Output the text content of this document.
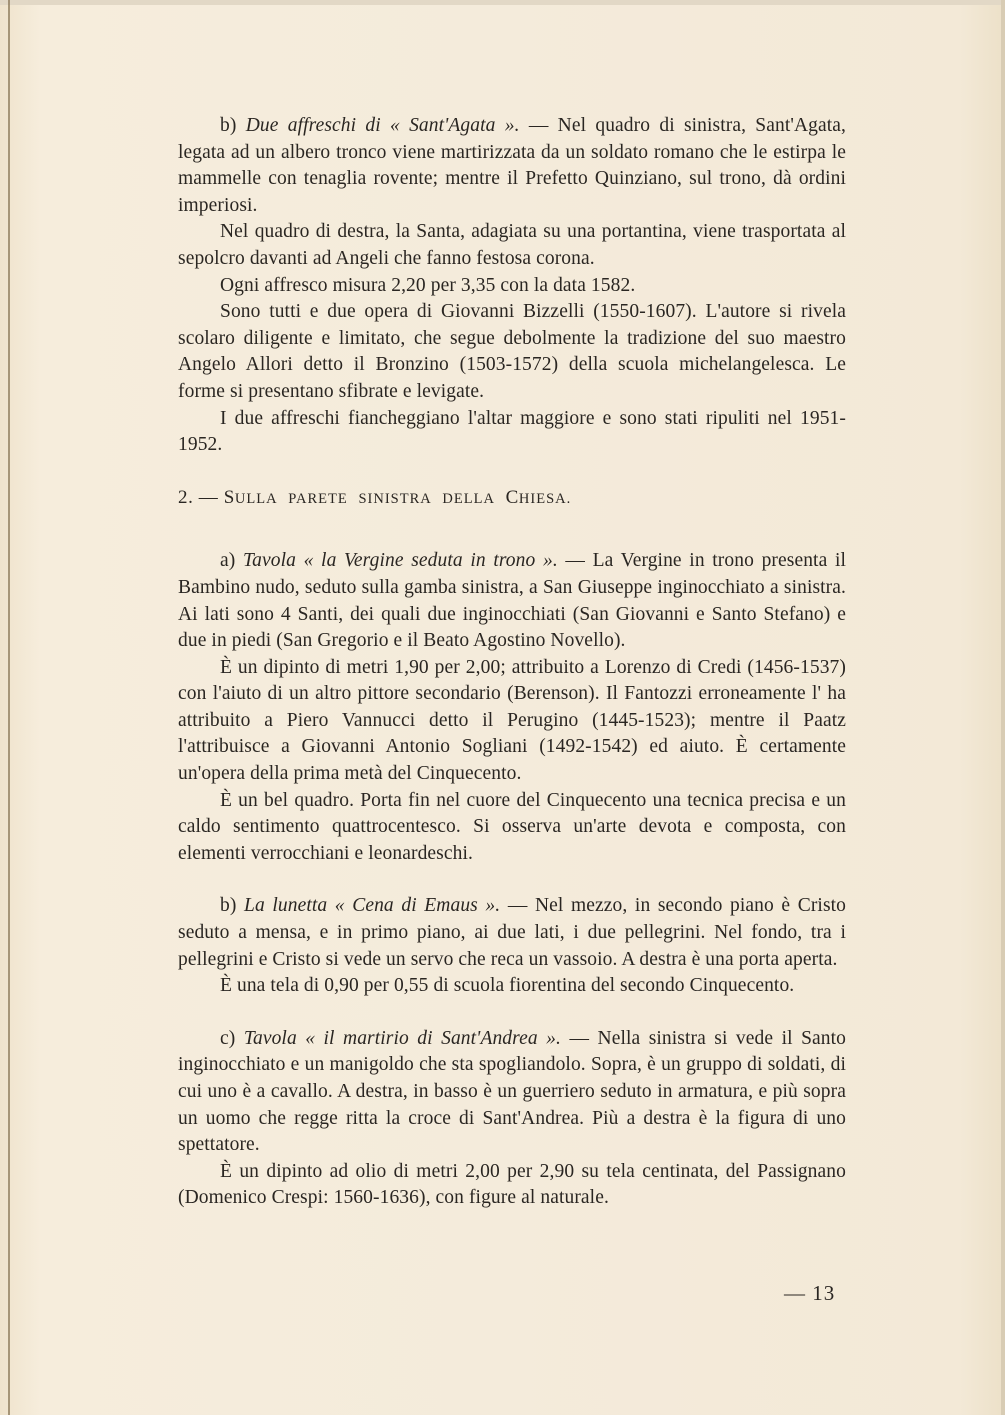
b) Due affreschi di « Sant'Agata ». — Nel quadro di sinistra, Sant'Agata, legata ad un albero tronco viene martirizzata da un soldato romano che le estirpa le mammelle con tenaglia rovente; mentre il Prefetto Quinziano, sul trono, dà ordini imperiosi.

Nel quadro di destra, la Santa, adagiata su una portantina, viene trasportata al sepolcro davanti ad Angeli che fanno festosa corona.

Ogni affresco misura 2,20 per 3,35 con la data 1582.

Sono tutti e due opera di Giovanni Bizzelli (1550-1607). L'autore si rivela scolaro diligente e limitato, che segue debolmente la tradizione del suo maestro Angelo Allori detto il Bronzino (1503-1572) della scuola michelangelesca. Le forme si presentano sfibrate e levigate.

I due affreschi fiancheggiano l'altar maggiore e sono stati ripuliti nel 1951-1952.

2. — SULLA PARETE SINISTRA DELLA CHIESA.

a) Tavola « la Vergine seduta in trono ». — La Vergine in trono presenta il Bambino nudo, seduto sulla gamba sinistra, a San Giuseppe inginocchiato a sinistra. Ai lati sono 4 Santi, dei quali due inginocchiati (San Giovanni e Santo Stefano) e due in piedi (San Gregorio e il Beato Agostino Novello).

È un dipinto di metri 1,90 per 2,00; attribuito a Lorenzo di Credi (1456-1537) con l'aiuto di un altro pittore secondario (Berenson). Il Fantozzi erroneamente l' ha attribuito a Piero Vannucci detto il Perugino (1445-1523); mentre il Paatz l'attribuisce a Giovanni Antonio Sogliani (1492-1542) ed aiuto. È certamente un'opera della prima metà del Cinquecento.

È un bel quadro. Porta fin nel cuore del Cinquecento una tecnica precisa e un caldo sentimento quattrocentesco. Si osserva un'arte devota e composta, con elementi verrocchiani e leonardeschi.

b) La lunetta « Cena di Emaus ». — Nel mezzo, in secondo piano è Cristo seduto a mensa, e in primo piano, ai due lati, i due pellegrini. Nel fondo, tra i pellegrini e Cristo si vede un servo che reca un vassoio. A destra è una porta aperta.

È una tela di 0,90 per 0,55 di scuola fiorentina del secondo Cinquecento.

c) Tavola « il martirio di Sant'Andrea ». — Nella sinistra si vede il Santo inginocchiato e un manigoldo che sta spogliandolo. Sopra, è un gruppo di soldati, di cui uno è a cavallo. A destra, in basso è un guerriero seduto in armatura, e più sopra un uomo che regge ritta la croce di Sant'Andrea. Più a destra è la figura di uno spettatore.

È un dipinto ad olio di metri 2,00 per 2,90 su tela centinata, del Passignano (Domenico Crespi: 1560-1636), con figure al naturale.

— 13
